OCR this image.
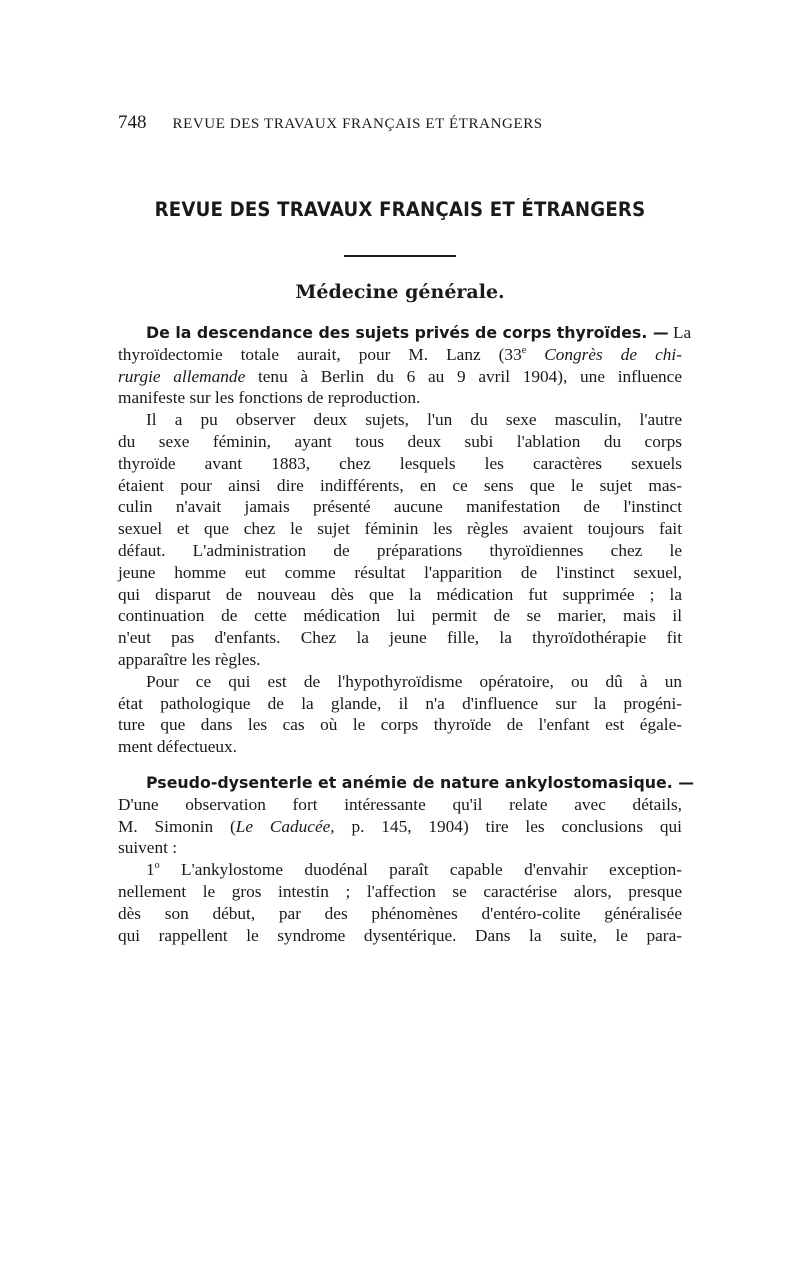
748 REVUE DES TRAVAUX FRANÇAIS ET ÉTRANGERS
REVUE DES TRAVAUX FRANÇAIS ET ÉTRANGERS
Médecine générale.
De la descendance des sujets privés de corps thyroïdes. — La
thyroïdectomie totale aurait, pour M. Lanz (33e Congrès de chi-
rurgie allemande tenu à Berlin du 6 au 9 avril 1904), une influence
manifeste sur les fonctions de reproduction.
Il a pu observer deux sujets, l'un du sexe masculin, l'autre
du sexe féminin, ayant tous deux subi l'ablation du corps
thyroïde avant 1883, chez lesquels les caractères sexuels
étaient pour ainsi dire indifférents, en ce sens que le sujet mas-
culin n'avait jamais présenté aucune manifestation de l'instinct
sexuel et que chez le sujet féminin les règles avaient toujours fait
défaut. L'administration de préparations thyroïdiennes chez le
jeune homme eut comme résultat l'apparition de l'instinct sexuel,
qui disparut de nouveau dès que la médication fut supprimée ; la
continuation de cette médication lui permit de se marier, mais il
n'eut pas d'enfants. Chez la jeune fille, la thyroïdothérapie fit
apparaître les règles.
Pour ce qui est de l'hypothyroïdisme opératoire, ou dû à un
état pathologique de la glande, il n'a d'influence sur la progéni-
ture que dans les cas où le corps thyroïde de l'enfant est égale-
ment défectueux.
Pseudo-dysenterle et anémie de nature ankylostomasique. —
D'une observation fort intéressante qu'il relate avec détails,
M. Simonin (Le Caducée, p. 145, 1904) tire les conclusions qui
suivent :
1$^o$ L'ankylostome duodénal paraît capable d'envahir exception-
nellement le gros intestin ; l'affection se caractérise alors, presque
dès son début, par des phénomènes d'entéro-colite généralisée
qui rappellent le syndrome dysentérique. Dans la suite, le para-
